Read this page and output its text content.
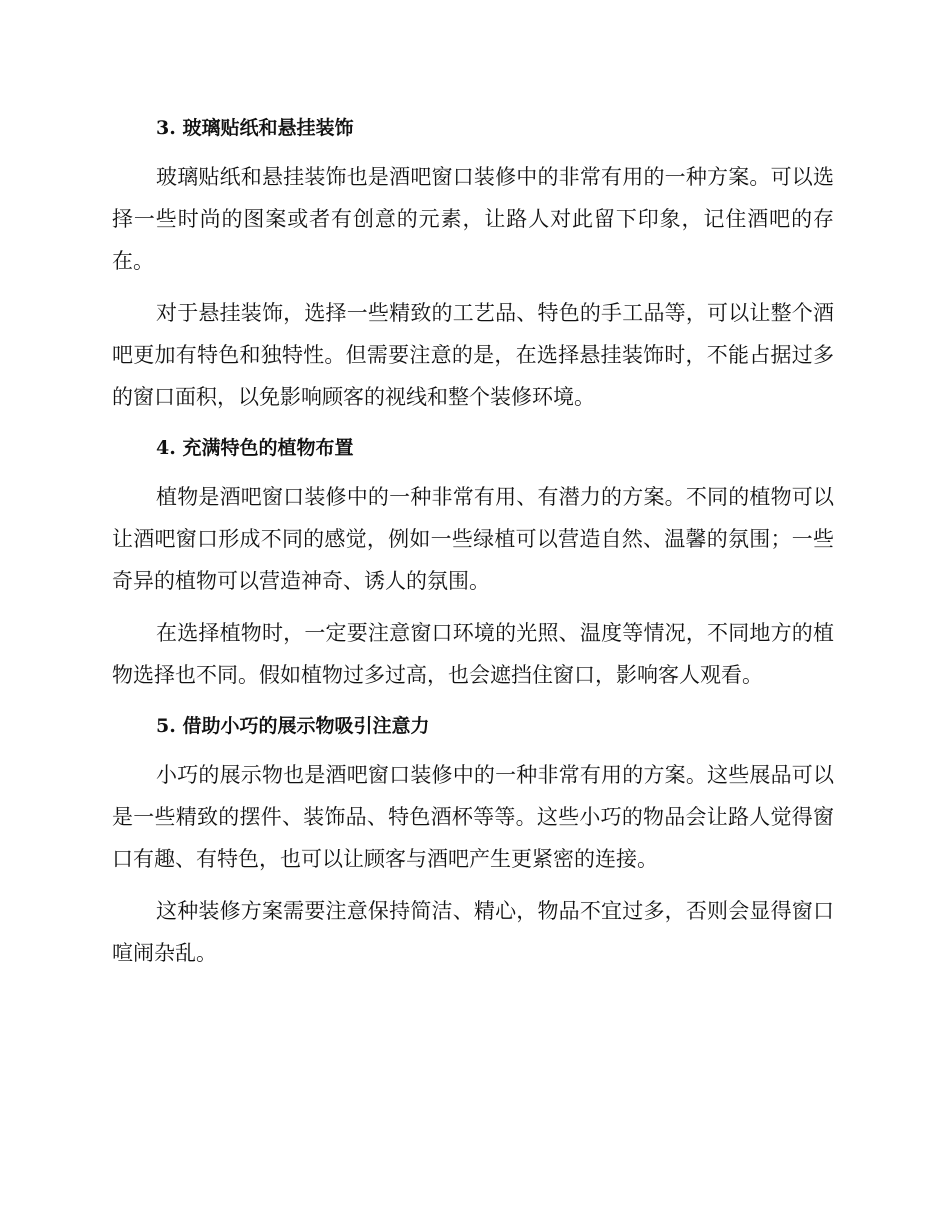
3. 玻璃贴纸和悬挂装饰

玻璃贴纸和悬挂装饰也是酒吧窗口装修中的非常有用的一种方案。可以选择一些时尚的图案或者有创意的元素，让路人对此留下印象，记住酒吧的存在。

对于悬挂装饰，选择一些精致的工艺品、特色的手工品等，可以让整个酒吧更加有特色和独特性。但需要注意的是，在选择悬挂装饰时，不能占据过多的窗口面积，以免影响顾客的视线和整个装修环境。

4. 充满特色的植物布置

植物是酒吧窗口装修中的一种非常有用、有潜力的方案。不同的植物可以让酒吧窗口形成不同的感觉，例如一些绿植可以营造自然、温馨的氛围；一些奇异的植物可以营造神奇、诱人的氛围。

在选择植物时，一定要注意窗口环境的光照、温度等情况，不同地方的植物选择也不同。假如植物过多过高，也会遮挡住窗口，影响客人观看。

5. 借助小巧的展示物吸引注意力

小巧的展示物也是酒吧窗口装修中的一种非常有用的方案。这些展品可以是一些精致的摆件、装饰品、特色酒杯等等。这些小巧的物品会让路人觉得窗口有趣、有特色，也可以让顾客与酒吧产生更紧密的连接。

这种装修方案需要注意保持简洁、精心，物品不宜过多，否则会显得窗口喧闹杂乱。
